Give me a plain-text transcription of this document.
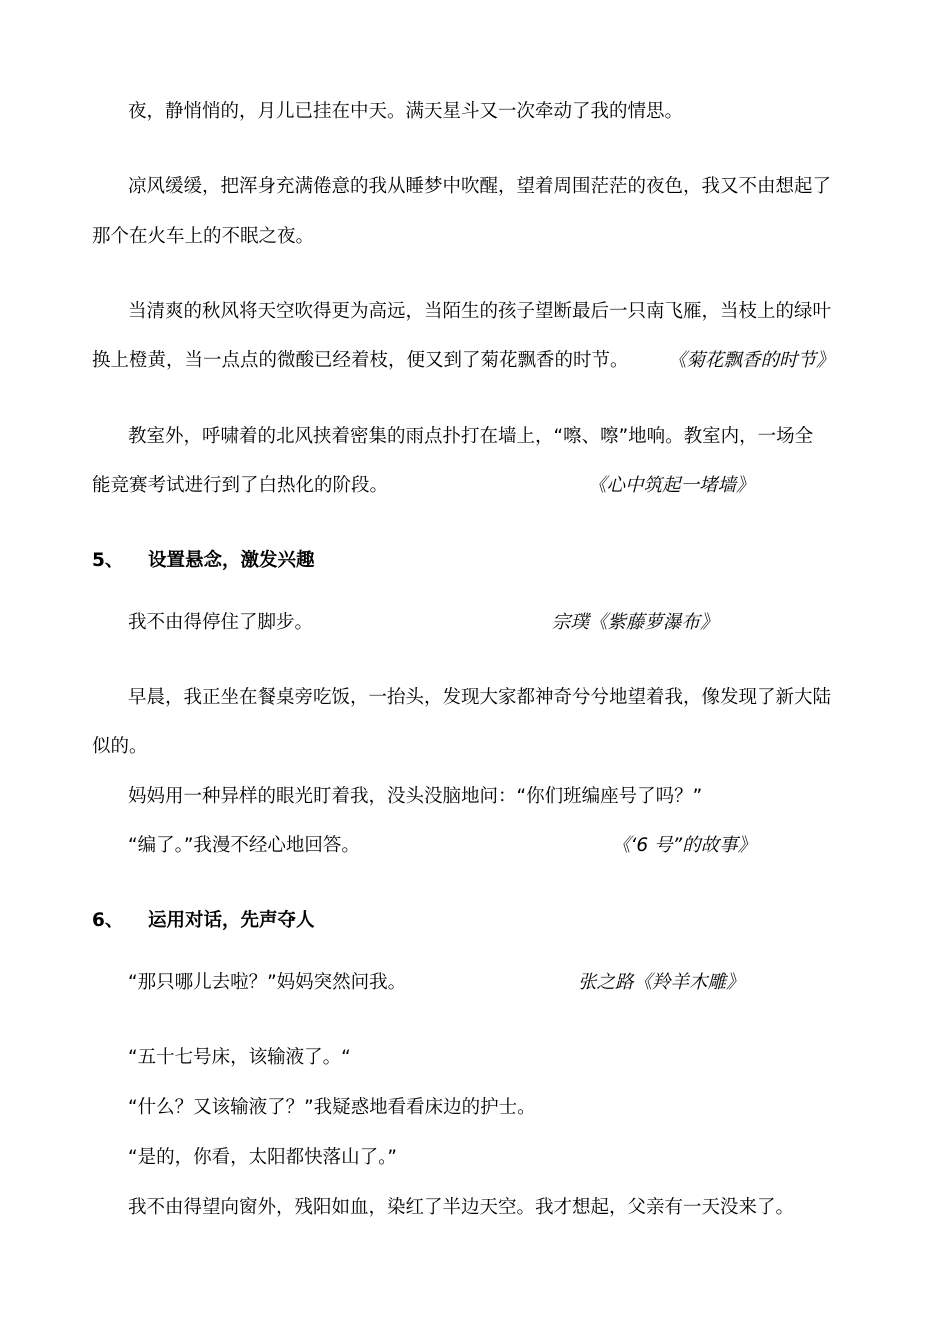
夜，静悄悄的，月儿已挂在中天。满天星斗又一次牵动了我的情思。
凉风缓缓，把浑身充满倦意的我从睡梦中吹醒，望着周围茫茫的夜色，我又不由想起了
那个在火车上的不眠之夜。
当清爽的秋风将天空吹得更为高远，当陌生的孩子望断最后一只南飞雁，当枝上的绿叶
换上橙黄，当一点点的微酸已经着枝，便又到了菊花飘香的时节。 《菊花飘香的时节》
教室外，呼啸着的北风挟着密集的雨点扑打在墙上，“嚓、嚓”地响。教室内，一场全
能竞赛考试进行到了白热化的阶段。	《心中筑起一堵墙》
5、 设置悬念，激发兴趣
我不由得停住了脚步。	宗璞《紫藤萝瀑布》
早晨，我正坐在餐桌旁吃饭，一抬头，发现大家都神奇兮兮地望着我，像发现了新大陆
似的。
妈妈用一种异样的眼光盯着我，没头没脑地问：“你们班编座号了吗？”
“编了。”我漫不经心地回答。	《‘6 号”的故事》
6、 运用对话，先声夺人
“那只哪儿去啦？”妈妈突然问我。	张之路《羚羊木雕》
“五十七号床，该输液了。“
“什么？又该输液了？”我疑惑地看看床边的护士。
“是的，你看，太阳都快落山了。”
我不由得望向窗外，残阳如血，染红了半边天空。我才想起，父亲有一天没来了。
